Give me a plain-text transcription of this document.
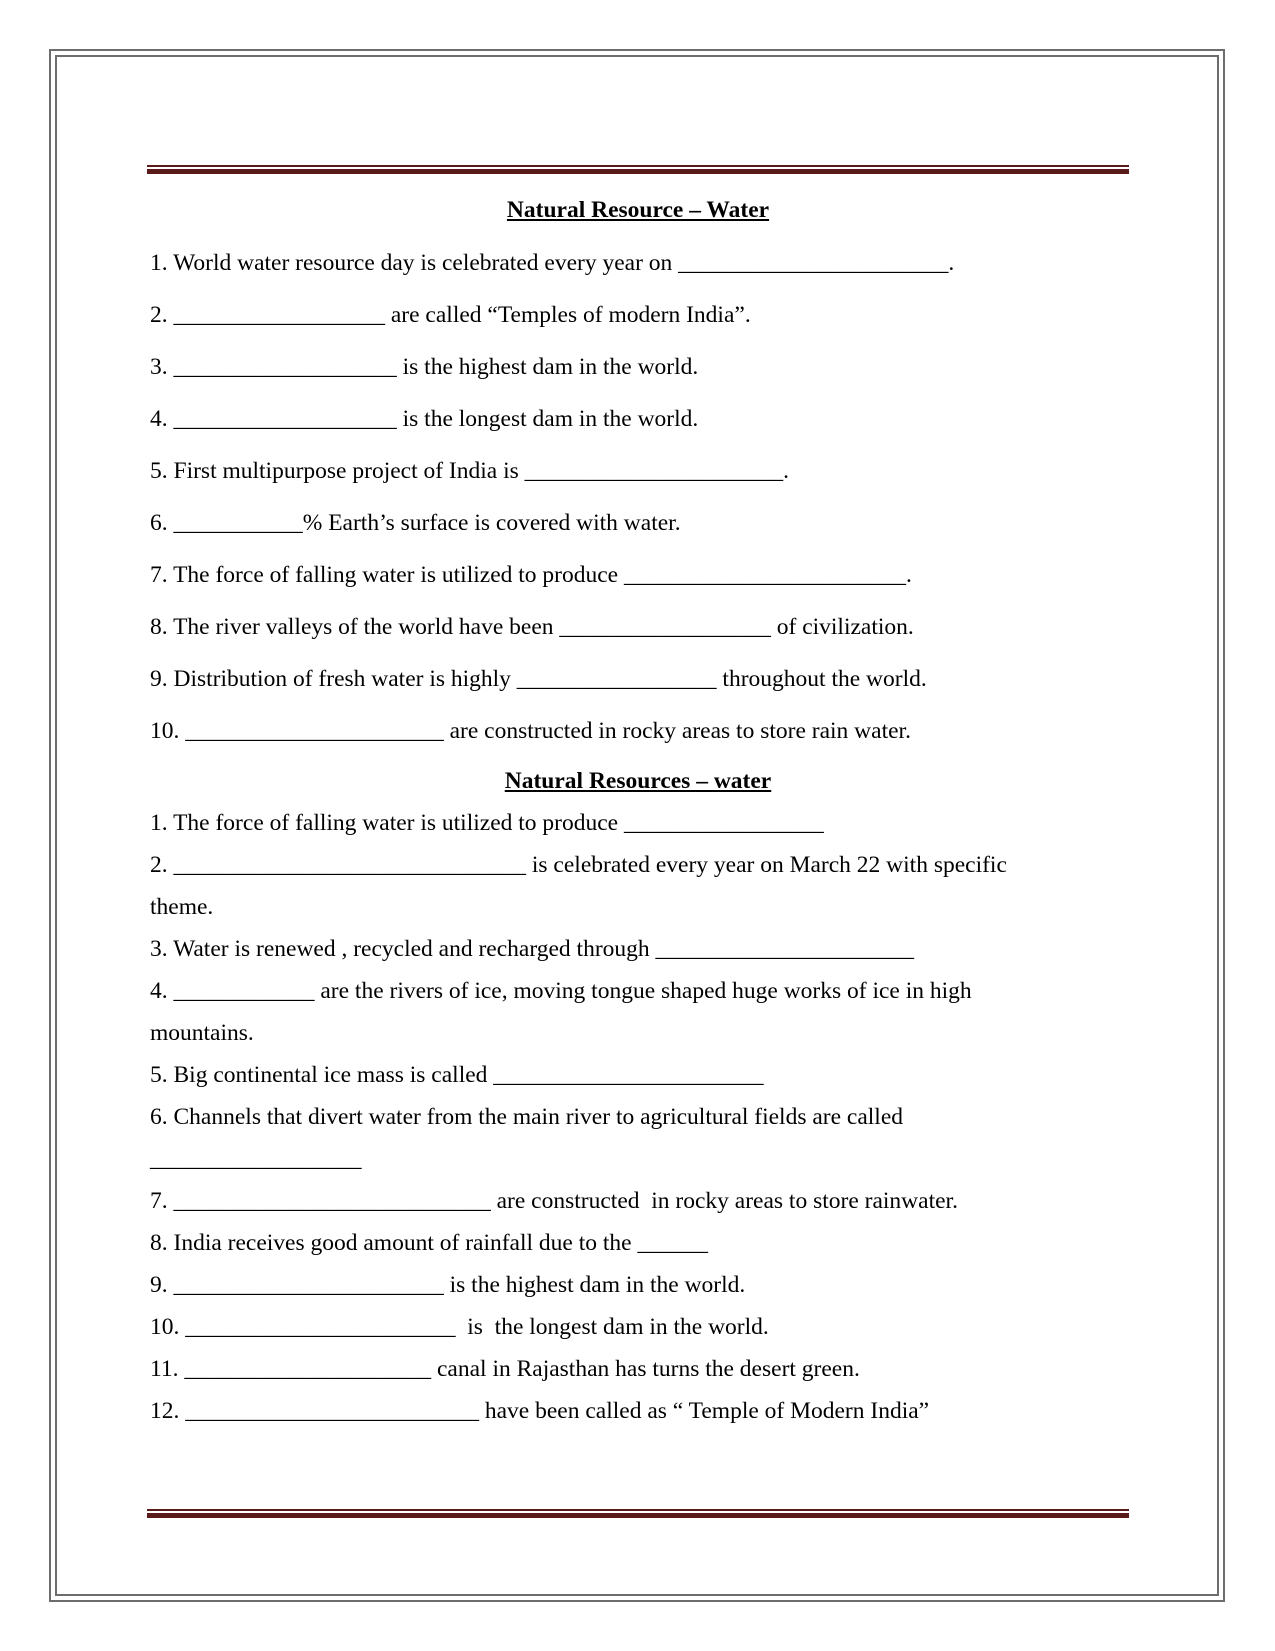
Natural Resource – Water
1. World water resource day is celebrated every year on _______________________.
2. __________________ are called “Temples of modern India”.
3. ___________________ is the highest dam in the world.
4. ___________________ is the longest dam in the world.
5. First multipurpose project of India is ______________________.
6. ___________% Earth’s surface is covered with water.
7. The force of falling water is utilized to produce ________________________.
8. The river valleys of the world have been __________________ of civilization.
9. Distribution of fresh water is highly _________________ throughout the world.
10. ______________________ are constructed in rocky areas to store rain water.
Natural Resources – water
1. The force of falling water is utilized to produce _________________
2. ______________________________ is celebrated every year on March 22 with specific
theme.
3. Water is renewed , recycled and recharged through ______________________
4. ____________ are the rivers of ice, moving tongue shaped huge works of ice in high
mountains.
5. Big continental ice mass is called _______________________
6. Channels that divert water from the main river to agricultural fields are called
__________________
7. ___________________________ are constructed  in rocky areas to store rainwater.
8. India receives good amount of rainfall due to the ______
9. _______________________ is the highest dam in the world.
10. _______________________  is  the longest dam in the world.
11. _____________________ canal in Rajasthan has turns the desert green.
12. _________________________ have been called as “ Temple of Modern India”
